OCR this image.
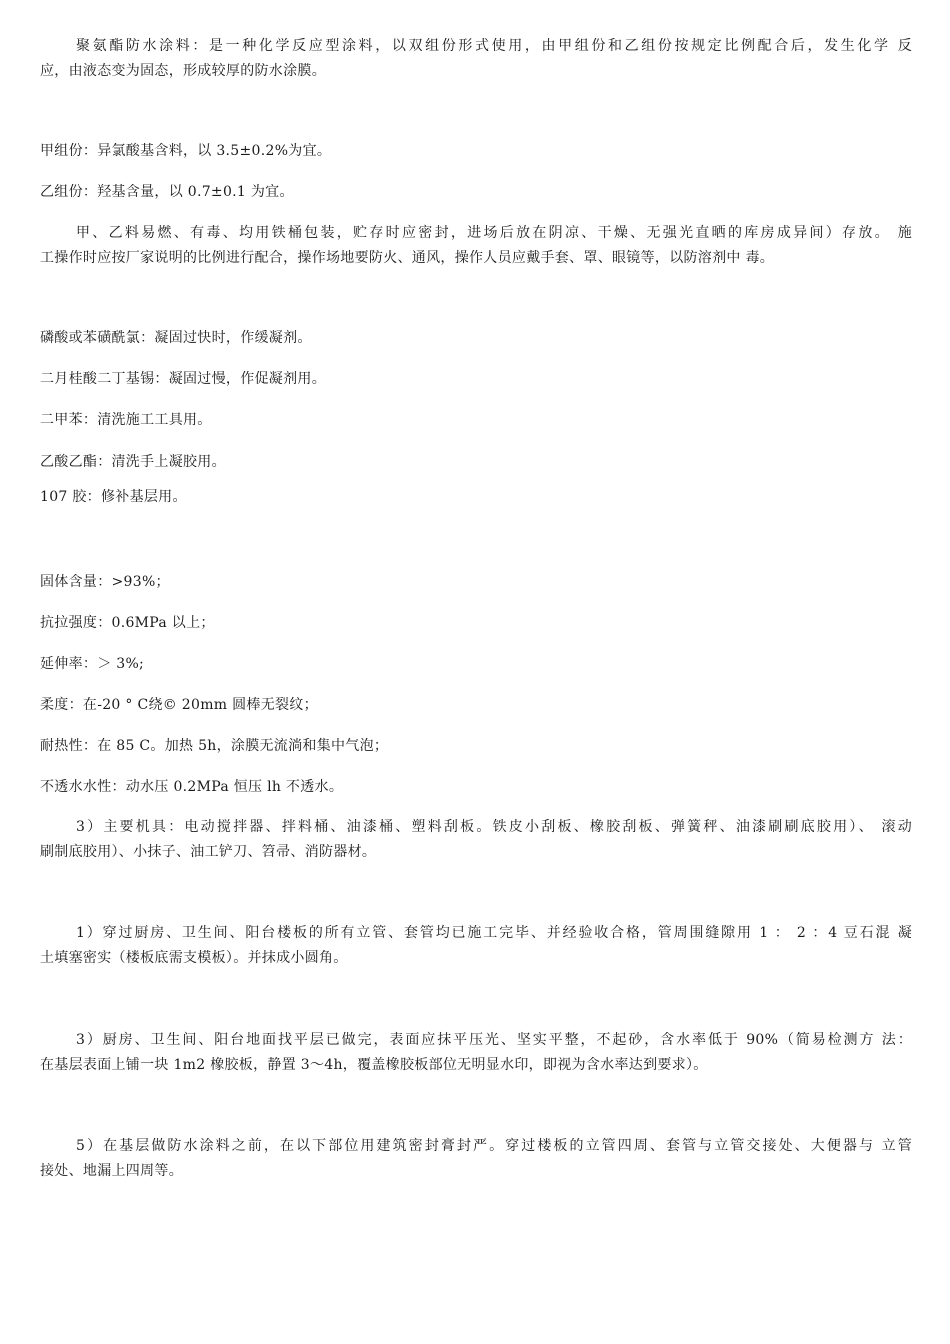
聚氨酯防水涂料：是一种化学反应型涂料，以双组份形式使用，由甲组份和乙组份按规定比例配合后，发生化学 反
应，由液态变为固态，形成较厚的防水涂膜。

甲组份：异氯酸基含料，以 3.5±0.2%为宜。

乙组份：羟基含量，以 0.7±0.1 为宜。

甲、乙料易燃、有毒、均用铁桶包装，贮存时应密封，进场后放在阴凉、干燥、无强光直晒的库房成异间）存放。 施
工操作时应按厂家说明的比例进行配合，操作场地要防火、通风，操作人员应戴手套、罩、眼镜等，以防溶剂中 毒。

磷酸或苯磺酰氯：凝固过快时，作缓凝剂。

二月桂酸二丁基锡：凝固过慢，作促凝剂用。

二甲苯：清洗施工工具用。

乙酸乙酯：清洗手上凝胶用。

107 胶：修补基层用。

固体含量：>93%；

抗拉强度：0.6MPa 以上；

延伸率：＞ 3%;

柔度：在-20 ° C绕© 20mm 圆棒无裂纹；

耐热性：在 85 C。加热 5h，涂膜无流淌和集中气泡；

不透水水性：动水压 0.2MPa 恒压 lh 不透水。

3）主要机具：电动搅拌器、拌料桶、油漆桶、塑料刮板。铁皮小刮板、橡胶刮板、弹簧秤、油漆刷刷底胶用）、 滚动
刷制底胶用）、小抹子、油工铲刀、笤帚、消防器材。

1）穿过厨房、卫生间、阳台楼板的所有立管、套管均已施工完毕、并经验收合格，管周围缝隙用 1 ： 2 ：4 豆石混 凝
土填塞密实（楼板底需支模板）。并抹成小圆角。

3）厨房、卫生间、阳台地面找平层已做完，表面应抹平压光、坚实平整，不起砂，含水率低于 90%（简易检测方 法：
在基层表面上铺一块 1m2 橡胶板，静置 3〜4h，覆盖橡胶板部位无明显水印，即视为含水率达到要求）。

5）在基层做防水涂料之前，在以下部位用建筑密封膏封严。穿过楼板的立管四周、套管与立管交接处、大便器与 立管
接处、地漏上四周等。
